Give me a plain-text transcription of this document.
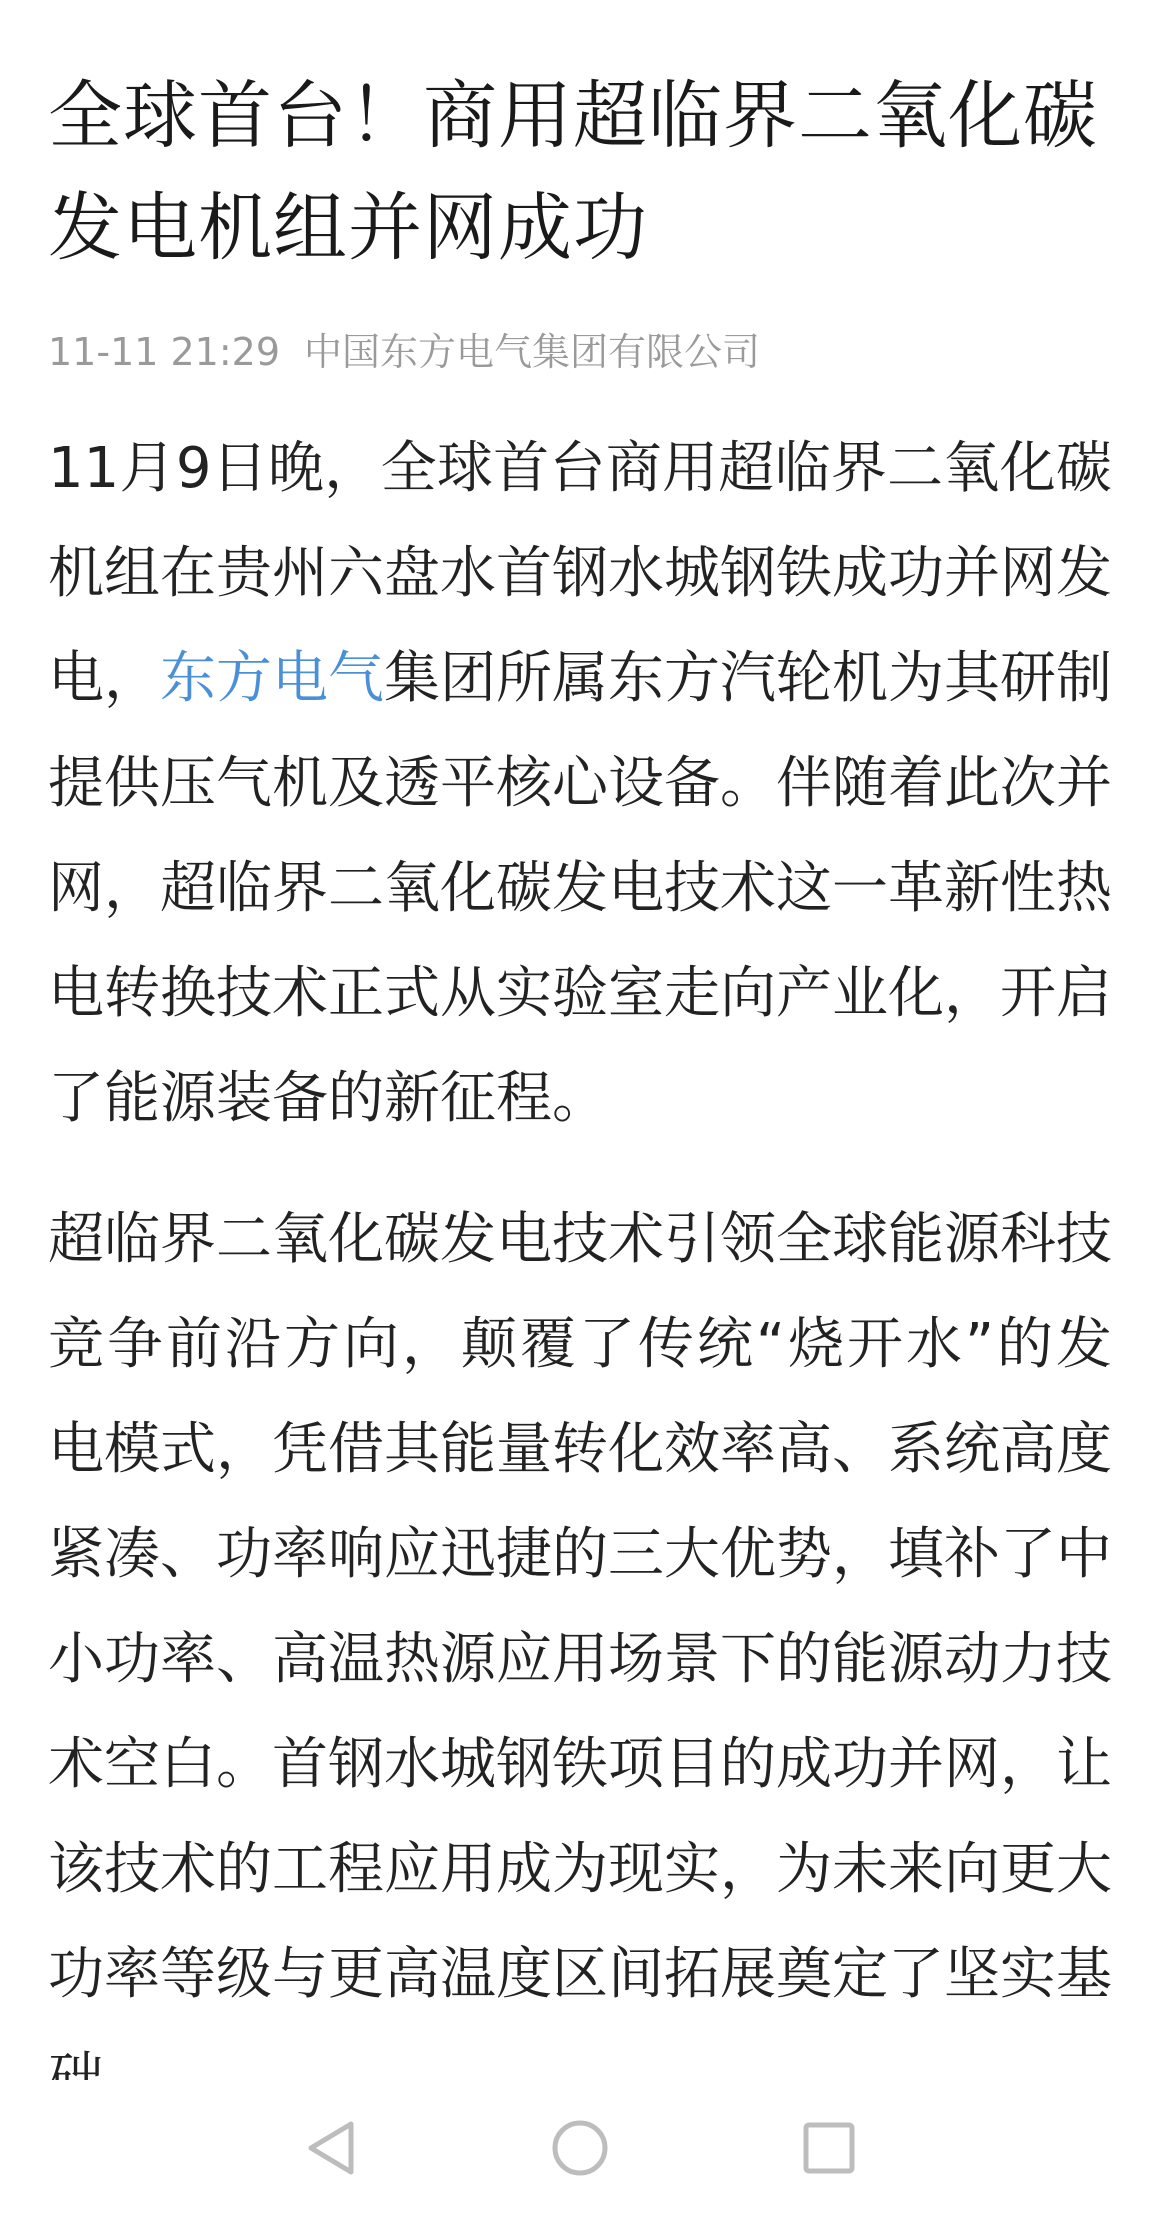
全球首台！商用超临界二氧化碳发电机组并网成功
11-11 21:29 中国东方电气集团有限公司

11月9日晚，全球首台商用超临界二氧化碳机组在贵州六盘水首钢水城钢铁成功并网发电，东方电气集团所属东方汽轮机为其研制提供压气机及透平核心设备。伴随着此次并网，超临界二氧化碳发电技术这一革新性热电转换技术正式从实验室走向产业化，开启了能源装备的新征程。

超临界二氧化碳发电技术引领全球能源科技竞争前沿方向，颠覆了传统“烧开水”的发电模式，凭借其能量转化效率高、系统高度紧凑、功率响应迅捷的三大优势，填补了中小功率、高温热源应用场景下的能源动力技术空白。首钢水城钢铁项目的成功并网，让该技术的工程应用成为现实，为未来向更大功率等级与更高温度区间拓展奠定了坚实基
